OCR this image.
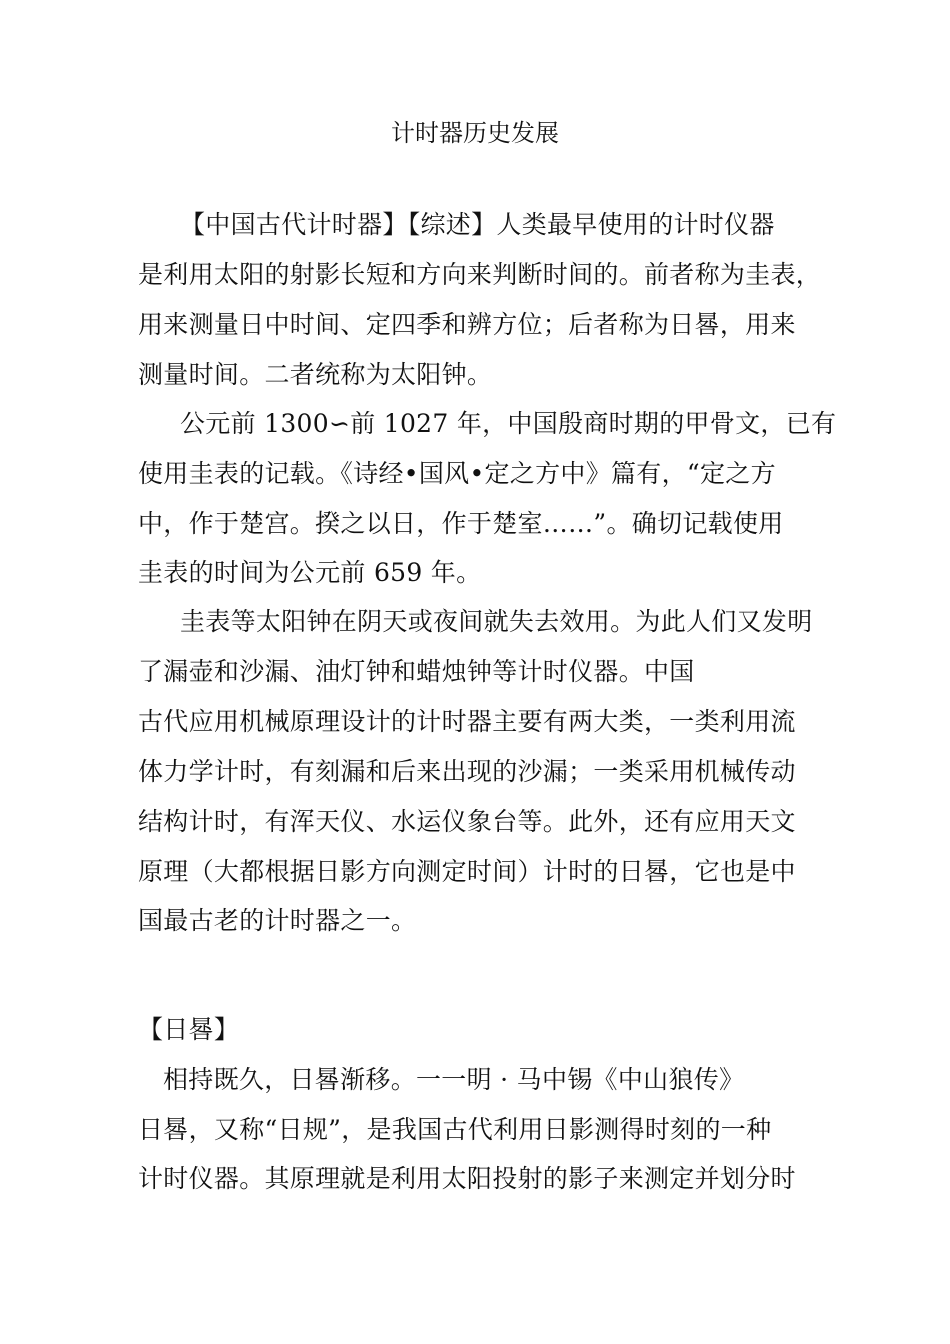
计时器历史发展
【中国古代计时器】【综述】人类最早使用的计时仪器
是利用太阳的射影长短和方向来判断时间的。前者称为圭表，
用来测量日中时间、定四季和辨方位；后者称为日晷，用来
测量时间。二者统称为太阳钟。
公元前 1300∽前 1027 年，中国殷商时期的甲骨文，已有
使用圭表的记载。《诗经•国风•定之方中》篇有，“定之方
中，作于楚宫。揆之以日，作于楚室……”。确切记载使用
圭表的时间为公元前 659 年。
圭表等太阳钟在阴天或夜间就失去效用。为此人们又发明
了漏壶和沙漏、油灯钟和蜡烛钟等计时仪器。中国
古代应用机械原理设计的计时器主要有两大类，一类利用流
体力学计时，有刻漏和后来出现的沙漏；一类采用机械传动
结构计时，有浑天仪、水运仪象台等。此外，还有应用天文
原理（大都根据日影方向测定时间）计时的日晷，它也是中
国最古老的计时器之一。
【日晷】
相持既久，日晷渐移。一一明 · 马中锡《中山狼传》
日晷，又称“日规”，是我国古代利用日影测得时刻的一种
计时仪器。其原理就是利用太阳投射的影子来测定并划分时
